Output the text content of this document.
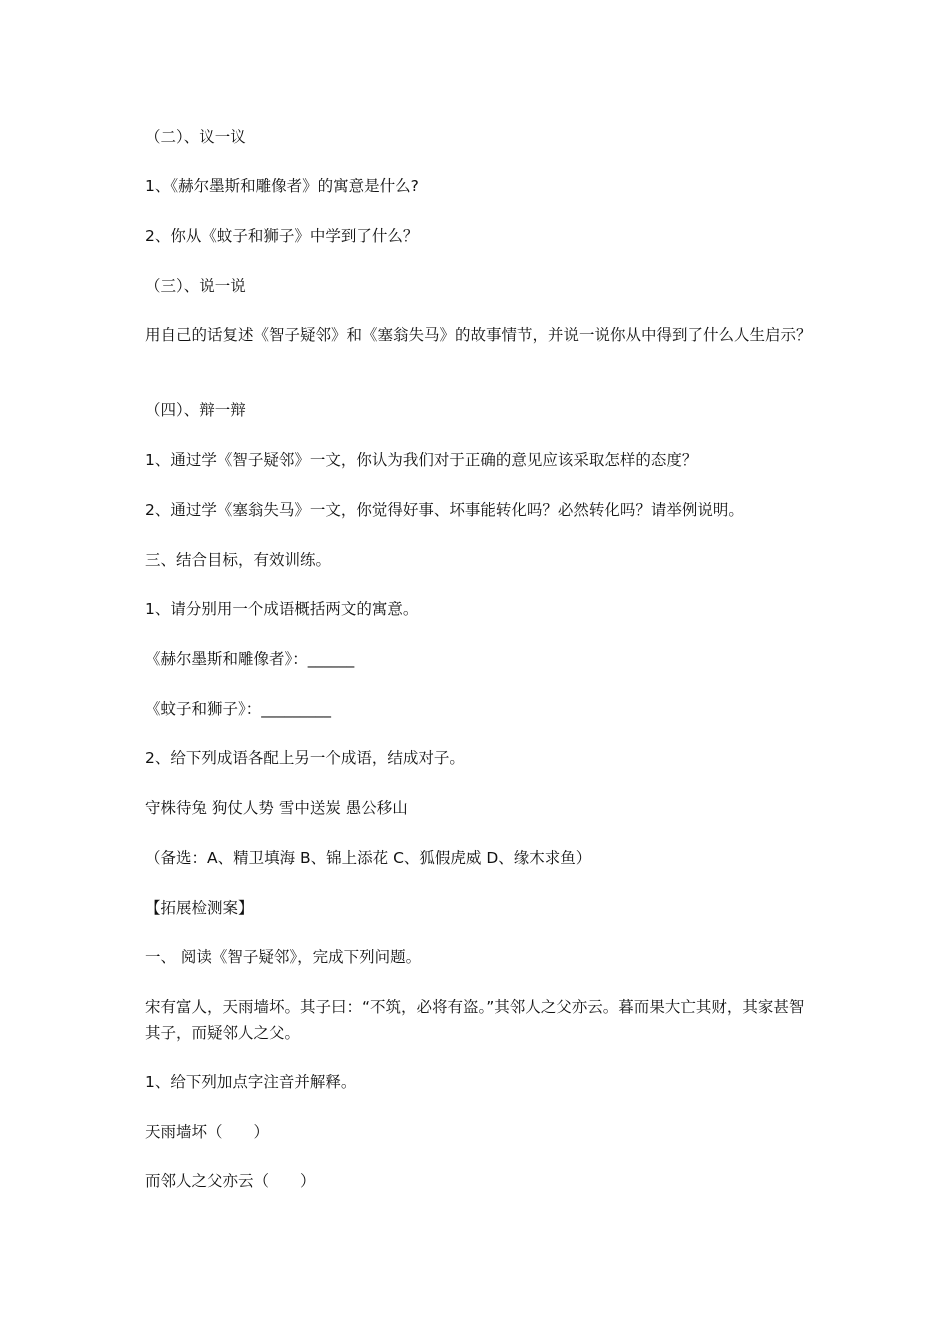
（二）、议一议
1、《赫尔墨斯和雕像者》的寓意是什么?
2、你从《蚊子和狮子》中学到了什么？
（三）、说一说
用自己的话复述《智子疑邻》和《塞翁失马》的故事情节，并说一说你从中得到了什么人生启示？
（四）、辩一辩
1、通过学《智子疑邻》一文，你认为我们对于正确的意见应该采取怎样的态度？
2、通过学《塞翁失马》一文，你觉得好事、坏事能转化吗？必然转化吗？请举例说明。
三、结合目标，有效训练。
1、请分别用一个成语概括两文的寓意。
《赫尔墨斯和雕像者》：______
《蚊子和狮子》：_________
2、给下列成语各配上另一个成语，结成对子。
守株待兔 狗仗人势 雪中送炭 愚公移山
（备选：A、精卫填海 B、锦上添花 C、狐假虎威 D、缘木求鱼）
【拓展检测案】
一、 阅读《智子疑邻》，完成下列问题。
宋有富人，天雨墙坏。其子曰：“不筑，必将有盗。”其邻人之父亦云。暮而果大亡其财，其家甚智其子，而疑邻人之父。
1、给下列加点字注音并解释。
天雨墙坏（　　）
而邻人之父亦云（　　）
